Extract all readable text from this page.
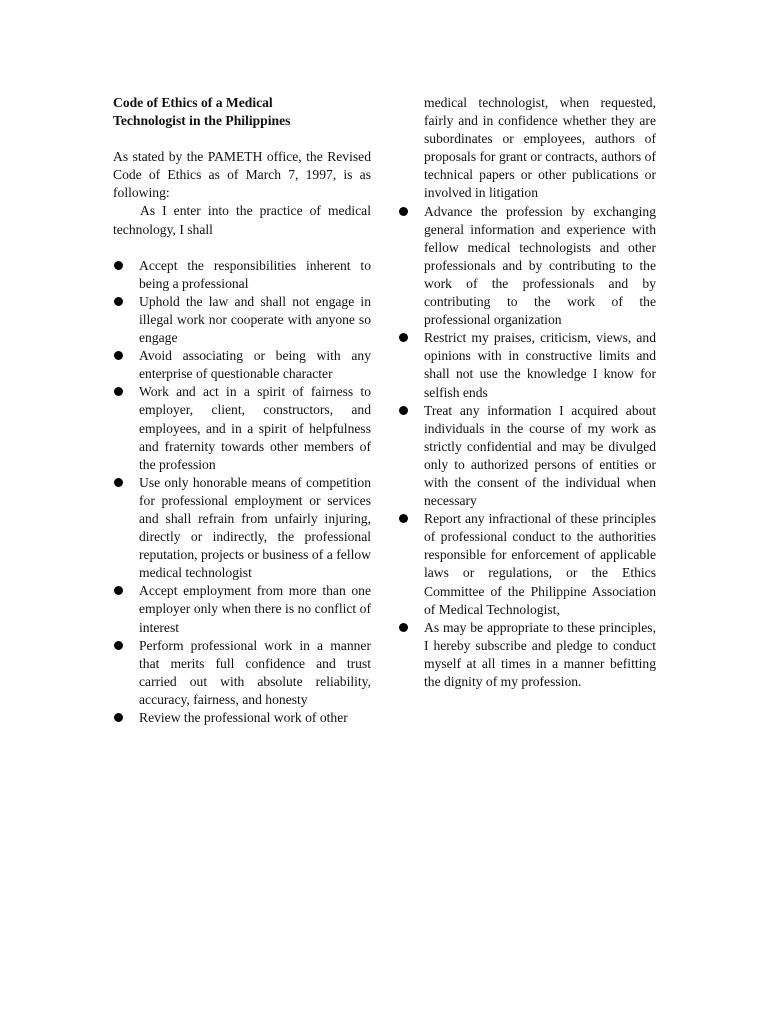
Code of Ethics of a Medical
Technologist in the Philippines

As stated by the PAMETH office, the Revised Code of Ethics as of March 7, 1997, is as following:

As I enter into the practice of medical technology, I shall

Accept the responsibilities inherent to being a professional
Uphold the law and shall not engage in illegal work nor cooperate with anyone so engage
Avoid associating or being with any enterprise of questionable character
Work and act in a spirit of fairness to employer, client, constructors, and employees, and in a spirit of helpfulness and fraternity towards other members of the profession
Use only honorable means of competition for professional employment or services and shall refrain from unfairly injuring, directly or indirectly, the professional reputation, projects or business of a fellow medical technologist
Accept employment from more than one employer only when there is no conflict of interest
Perform professional work in a manner that merits full confidence and trust carried out with absolute reliability, accuracy, fairness, and honesty
Review the professional work of other

medical technologist, when requested, fairly and in confidence whether they are subordinates or employees, authors of proposals for grant or contracts, authors of technical papers or other publications or involved in litigation

Advance the profession by exchanging general information and experience with fellow medical technologists and other professionals and by contributing to the work of the professionals and by contributing to the work of the professional organization
Restrict my praises, criticism, views, and opinions with in constructive limits and shall not use the knowledge I know for selfish ends
Treat any information I acquired about individuals in the course of my work as strictly confidential and may be divulged only to authorized persons of entities or with the consent of the individual when necessary
Report any infractional of these principles of professional conduct to the authorities responsible for enforcement of applicable laws or regulations, or the Ethics Committee of the Philippine Association of Medical Technologist,
As may be appropriate to these principles, I hereby subscribe and pledge to conduct myself at all times in a manner befitting the dignity of my profession.
